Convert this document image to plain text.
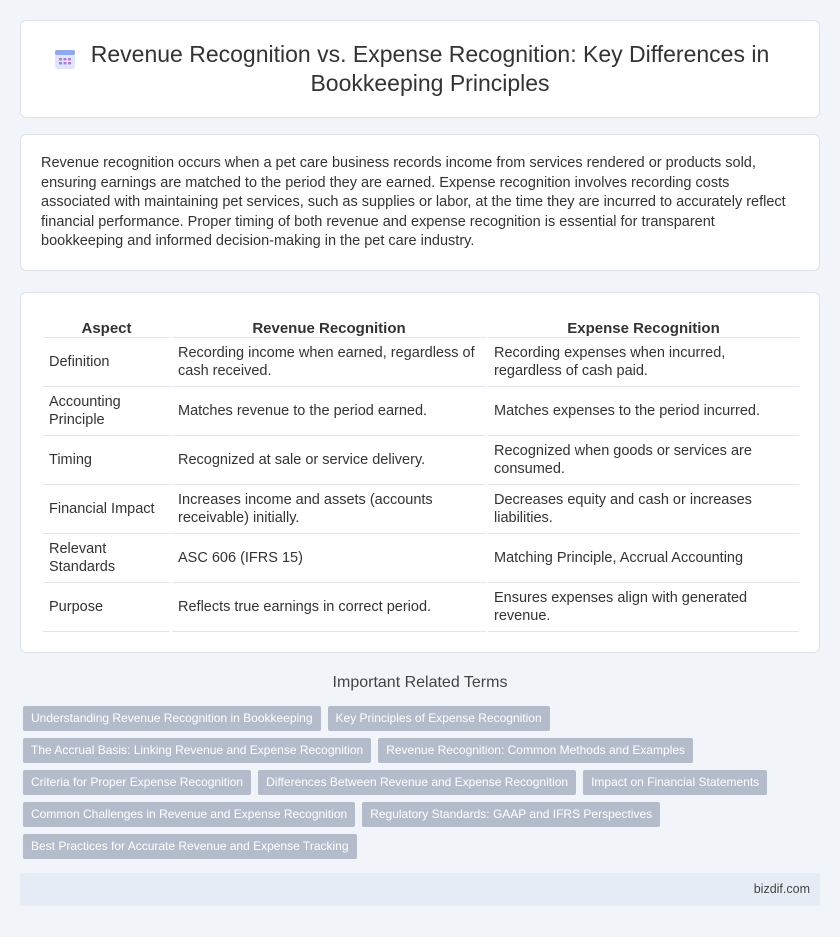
Revenue Recognition vs. Expense Recognition: Key Differences in Bookkeeping Principles

Revenue recognition occurs when a pet care business records income from services rendered or products sold, ensuring earnings are matched to the period they are earned. Expense recognition involves recording costs associated with maintaining pet services, such as supplies or labor, at the time they are incurred to accurately reflect financial performance. Proper timing of both revenue and expense recognition is essential for transparent bookkeeping and informed decision-making in the pet care industry.

Aspect	Revenue Recognition	Expense Recognition
Definition	Recording income when earned, regardless of cash received.	Recording expenses when incurred, regardless of cash paid.
Accounting Principle	Matches revenue to the period earned.	Matches expenses to the period incurred.
Timing	Recognized at sale or service delivery.	Recognized when goods or services are consumed.
Financial Impact	Increases income and assets (accounts receivable) initially.	Decreases equity and cash or increases liabilities.
Relevant Standards	ASC 606 (IFRS 15)	Matching Principle, Accrual Accounting
Purpose	Reflects true earnings in correct period.	Ensures expenses align with generated revenue.
Important Related Terms
Understanding Revenue Recognition in Bookkeeping	Key Principles of Expense Recognition
The Accrual Basis: Linking Revenue and Expense Recognition	Revenue Recognition: Common Methods and Examples
Criteria for Proper Expense Recognition	Differences Between Revenue and Expense Recognition	Impact on Financial Statements
Common Challenges in Revenue and Expense Recognition	Regulatory Standards: GAAP and IFRS Perspectives
Best Practices for Accurate Revenue and Expense Tracking
bizdif.com
